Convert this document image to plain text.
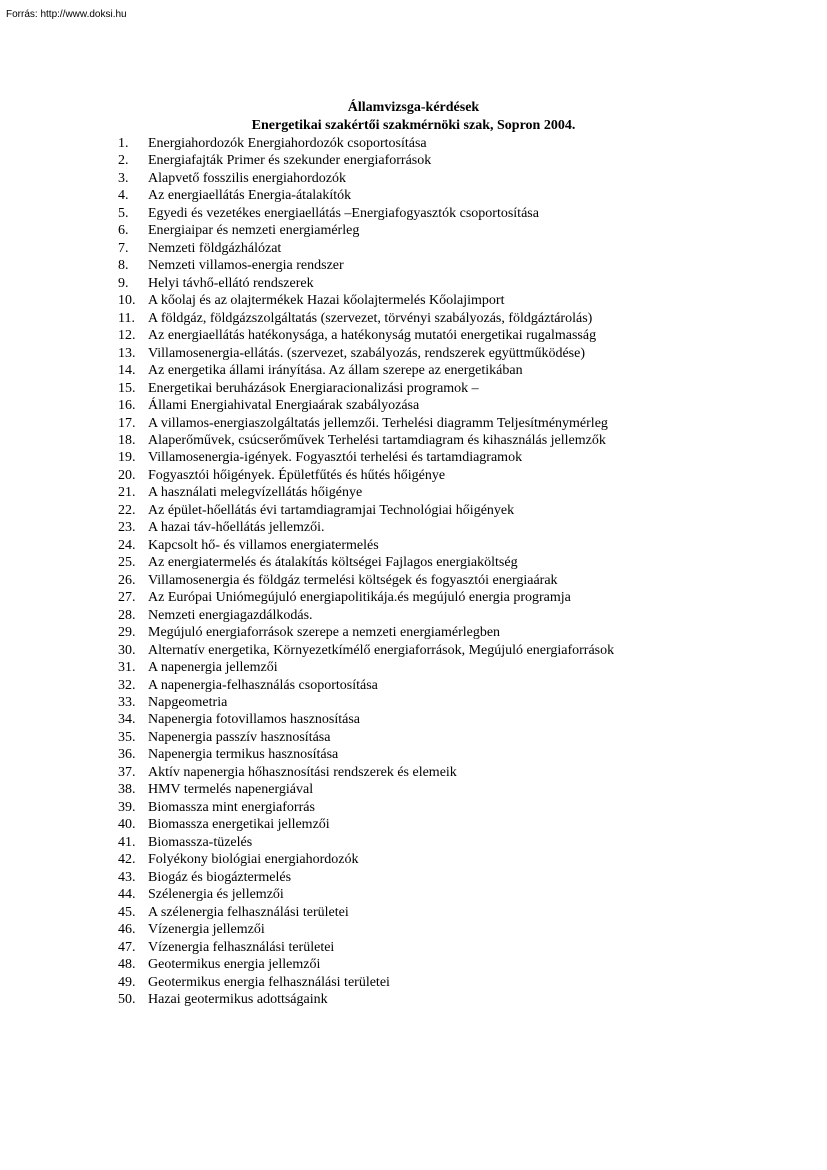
Forrás: http://www.doksi.hu
Államvizsga-kérdések
Energetikai szakértői szakmérnöki szak, Sopron 2004.
1.	Energiahordozók Energiahordozók csoportosítása
2.	Energiafajták Primer és szekunder energiaforrások
3.	Alapvető fosszilis energiahordozók
4.	Az energiaellátás Energia-átalakítók
5.	Egyedi és vezetékes energiaellátás –Energiafogyasztók csoportosítása
6.	Energiaipar és nemzeti energiamérleg
7.	Nemzeti földgázhálózat
8.	Nemzeti villamos-energia rendszer
9.	Helyi távhő-ellátó rendszerek
10. A kőolaj és az olajtermékek Hazai kőolajtermelés Kőolajimport
11. A földgáz, földgázszolgáltatás (szervezet, törvényi szabályozás, földgáztárolás)
12. Az energiaellátás hatékonysága, a hatékonyság mutatói energetikai rugalmasság
13. Villamosenergia-ellátás. (szervezet, szabályozás, rendszerek együttműködése)
14. Az energetika állami irányítása. Az állam szerepe az energetikában
15. Energetikai beruházások Energiaracionalizási programok –
16. Állami Energiahivatal Energiaárak szabályozása
17. A villamos-energiaszolgáltatás jellemzői. Terhelési diagramm Teljesítménymérleg
18. Alaperőművek, csúcserőművek Terhelési tartamdiagram és kihasználás jellemzők
19. Villamosenergia-igények. Fogyasztói terhelési és tartamdiagramok
20. Fogyasztói hőigények. Épületfűtés és hűtés hőigénye
21. A használati melegvízellátás hőigénye
22. Az épület-hőellátás évi tartamdiagramjai Technológiai hőigények
23. A hazai táv-hőellátás jellemzői.
24. Kapcsolt hő- és villamos energiatermelés
25. Az energiatermelés és átalakítás költségei Fajlagos energiaköltség
26. Villamosenergia és földgáz termelési költségek és fogyasztói energiaárak
27. Az Európai Uniómegújuló energiapolitikája.és megújuló energia programja
28. Nemzeti energiagazdálkodás.
29. Megújuló energiaforrások szerepe a nemzeti energiamérlegben
30. Alternatív energetika, Környezetkímélő energiaforrások, Megújuló energiaforrások
31. A napenergia jellemzői
32. A napenergia-felhasználás csoportosítása
33. Napgeometria
34. Napenergia fotovillamos hasznosítása
35. Napenergia passzív hasznosítása
36. Napenergia termikus hasznosítása
37. Aktív napenergia hőhasznosítási rendszerek és elemeik
38. HMV termelés napenergiával
39. Biomassza mint energiaforrás
40. Biomassza energetikai jellemzői
41. Biomassza-tüzelés
42. Folyékony biológiai energiahordozók
43. Biogáz és biogáztermelés
44. Szélenergia és jellemzői
45. A szélenergia felhasználási területei
46. Vízenergia jellemzői
47. Vízenergia felhasználási területei
48. Geotermikus energia jellemzői
49. Geotermikus energia felhasználási területei
50. Hazai geotermikus adottságaink
